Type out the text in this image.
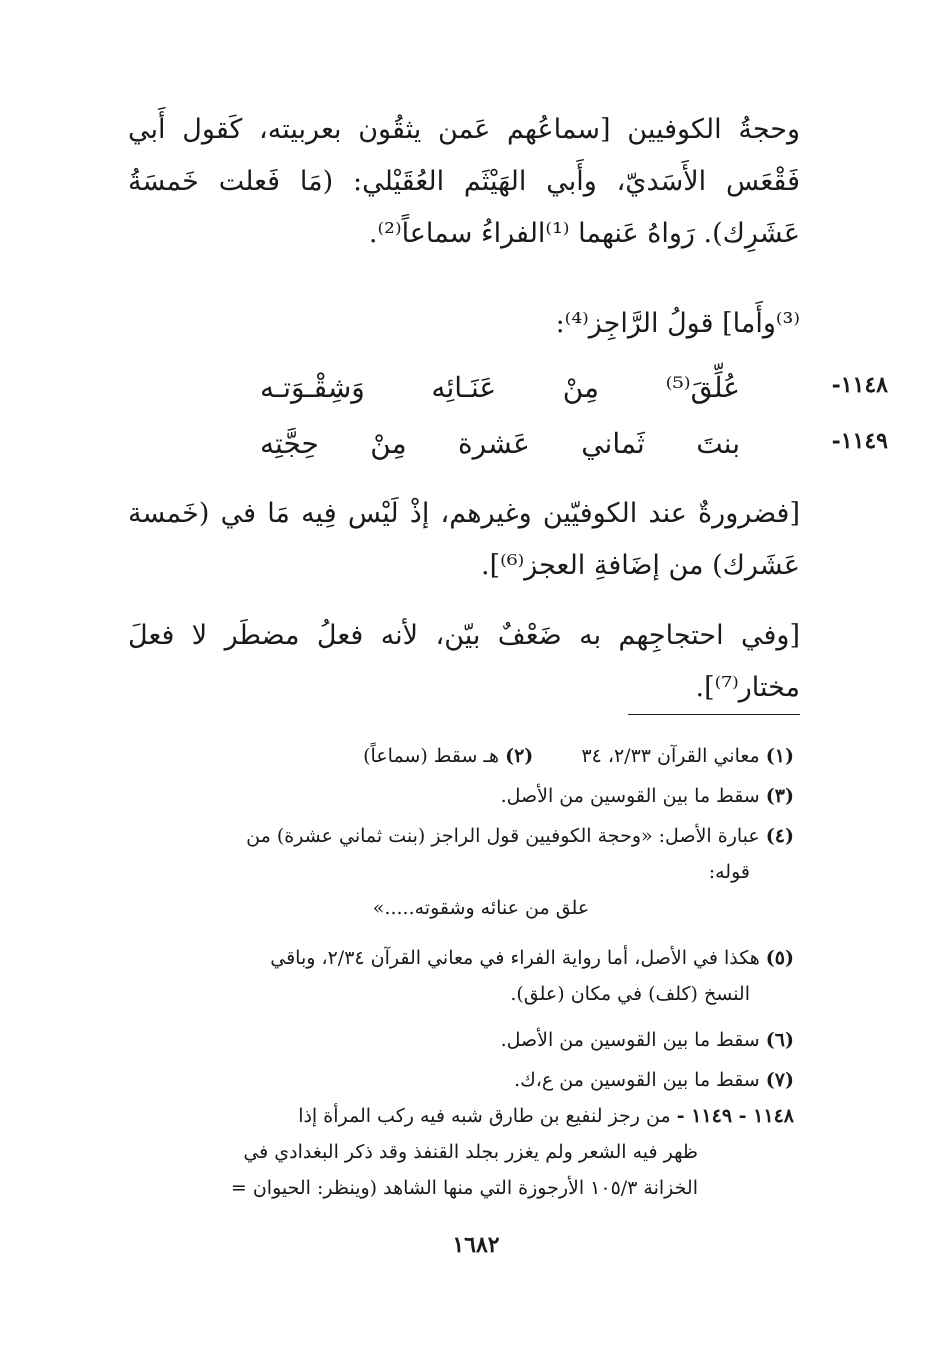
وحجةُ الكوفيين [سماعُهم عَمن يثقُون بعربيته، كَقول أَبي فَقْعَس الأَسَديّ، وأَبي الهَيْثَم العُقَيْلي: (مَا فَعلت خَمسَةُ عَشَرِك). رَواهُ عَنهما ⁽¹⁾الفراءُ سماعاً⁽²⁾.
⁽³⁾وأَما] قولُ الرَّاجِز⁽⁴⁾:
١١٤٨-
عُلِّقَ⁽⁵⁾ مِنْ عَنَـائِه وَشِقْـوَتـه
١١٤٩-
بنتَ ثَماني عَشرة مِنْ حِجَّتِه
[فضرورةٌ عند الكوفيّين وغيرهم، إذْ لَيْس فِيه مَا في (خَمسة عَشَرك) من إضَافةِ العجز⁽⁶⁾].
[وفي احتجاجِهم به ضَعْفٌ بيّن، لأنه فعلُ مضطَر لا فعلَ مختار⁽⁷⁾].
(١) معاني القرآن ٢/٣٣، ٣٤  (٢) هـ سقط (سماعاً)
(٣) سقط ما بين القوسين من الأصل.
(٤) عبارة الأصل: «وحجة الكوفيين قول الراجز (بنت ثماني عشرة) من
قوله:
علق من عنائه وشقوته.....»
(٥) هكذا في الأصل، أما رواية الفراء في معاني القرآن ٢/٣٤، وباقي
النسخ (كلف) في مكان (علق).
(٦) سقط ما بين القوسين من الأصل.
(٧) سقط ما بين القوسين من ع،ك.
١١٤٨ - ١١٤٩ - من رجز لنفيع بن طارق شبه فيه ركب المرأة إذا
ظهر فيه الشعر ولم يغزر بجلد القنفذ وقد ذكر البغدادي في
الخزانة ١٠٥/٣ الأرجوزة التي منها الشاهد (وينظر: الحيوان =
١٦٨٢
